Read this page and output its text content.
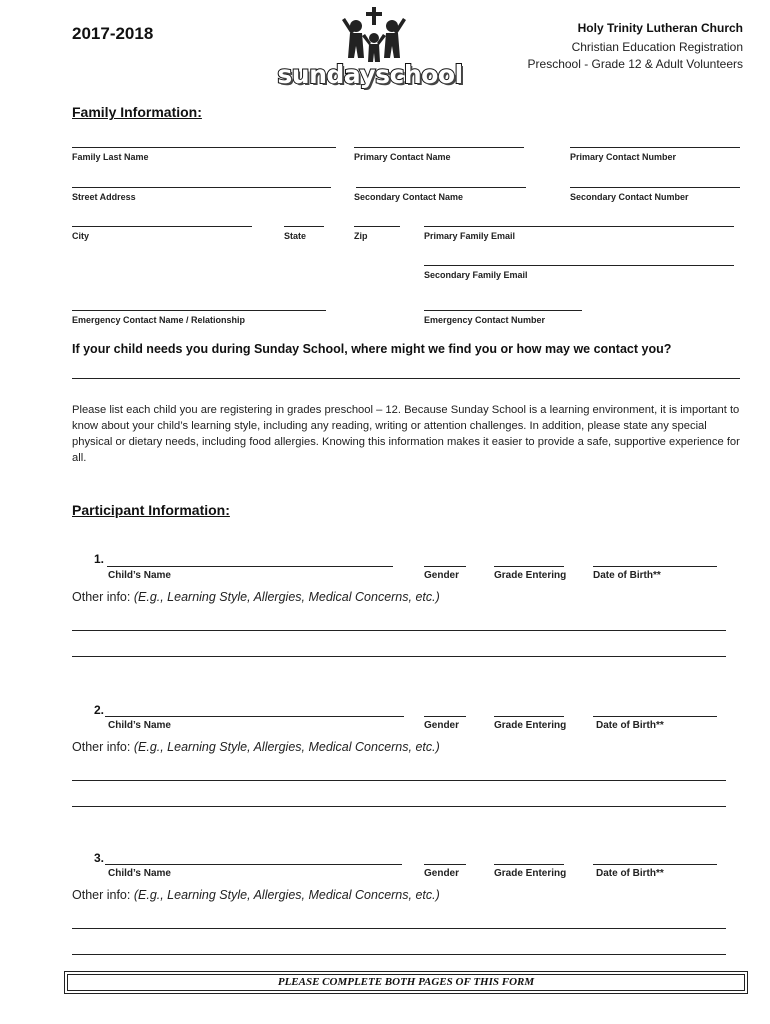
2017-2018
sundayschool
Holy Trinity Lutheran Church
Christian Education Registration
Preschool - Grade 12 & Adult Volunteers
Family Information:
Family Last Name	Primary Contact Name	Primary Contact Number
Street Address	Secondary Contact Name	Secondary Contact Number
City	State	Zip	Primary Family Email
Secondary Family Email
Emergency Contact Name / Relationship	Emergency Contact Number
If your child needs you during Sunday School, where might we find you or how may we contact you?
Please list each child you are registering in grades preschool – 12. Because Sunday School is a learning environment, it is important to know about your child’s learning style, including any reading, writing or attention challenges. In addition, please state any special physical or dietary needs, including food allergies. Knowing this information makes it easier to provide a safe, supportive experience for all.
Participant Information:
1.
Child’s Name	Gender	Grade Entering	Date of Birth**
Other info: (E.g., Learning Style, Allergies, Medical Concerns, etc.)
2.
Child’s Name	Gender	Grade Entering	Date of Birth**
Other info: (E.g., Learning Style, Allergies, Medical Concerns, etc.)
3.
Child’s Name	Gender	Grade Entering	Date of Birth**
Other info: (E.g., Learning Style, Allergies, Medical Concerns, etc.)
PLEASE COMPLETE BOTH PAGES OF THIS FORM
